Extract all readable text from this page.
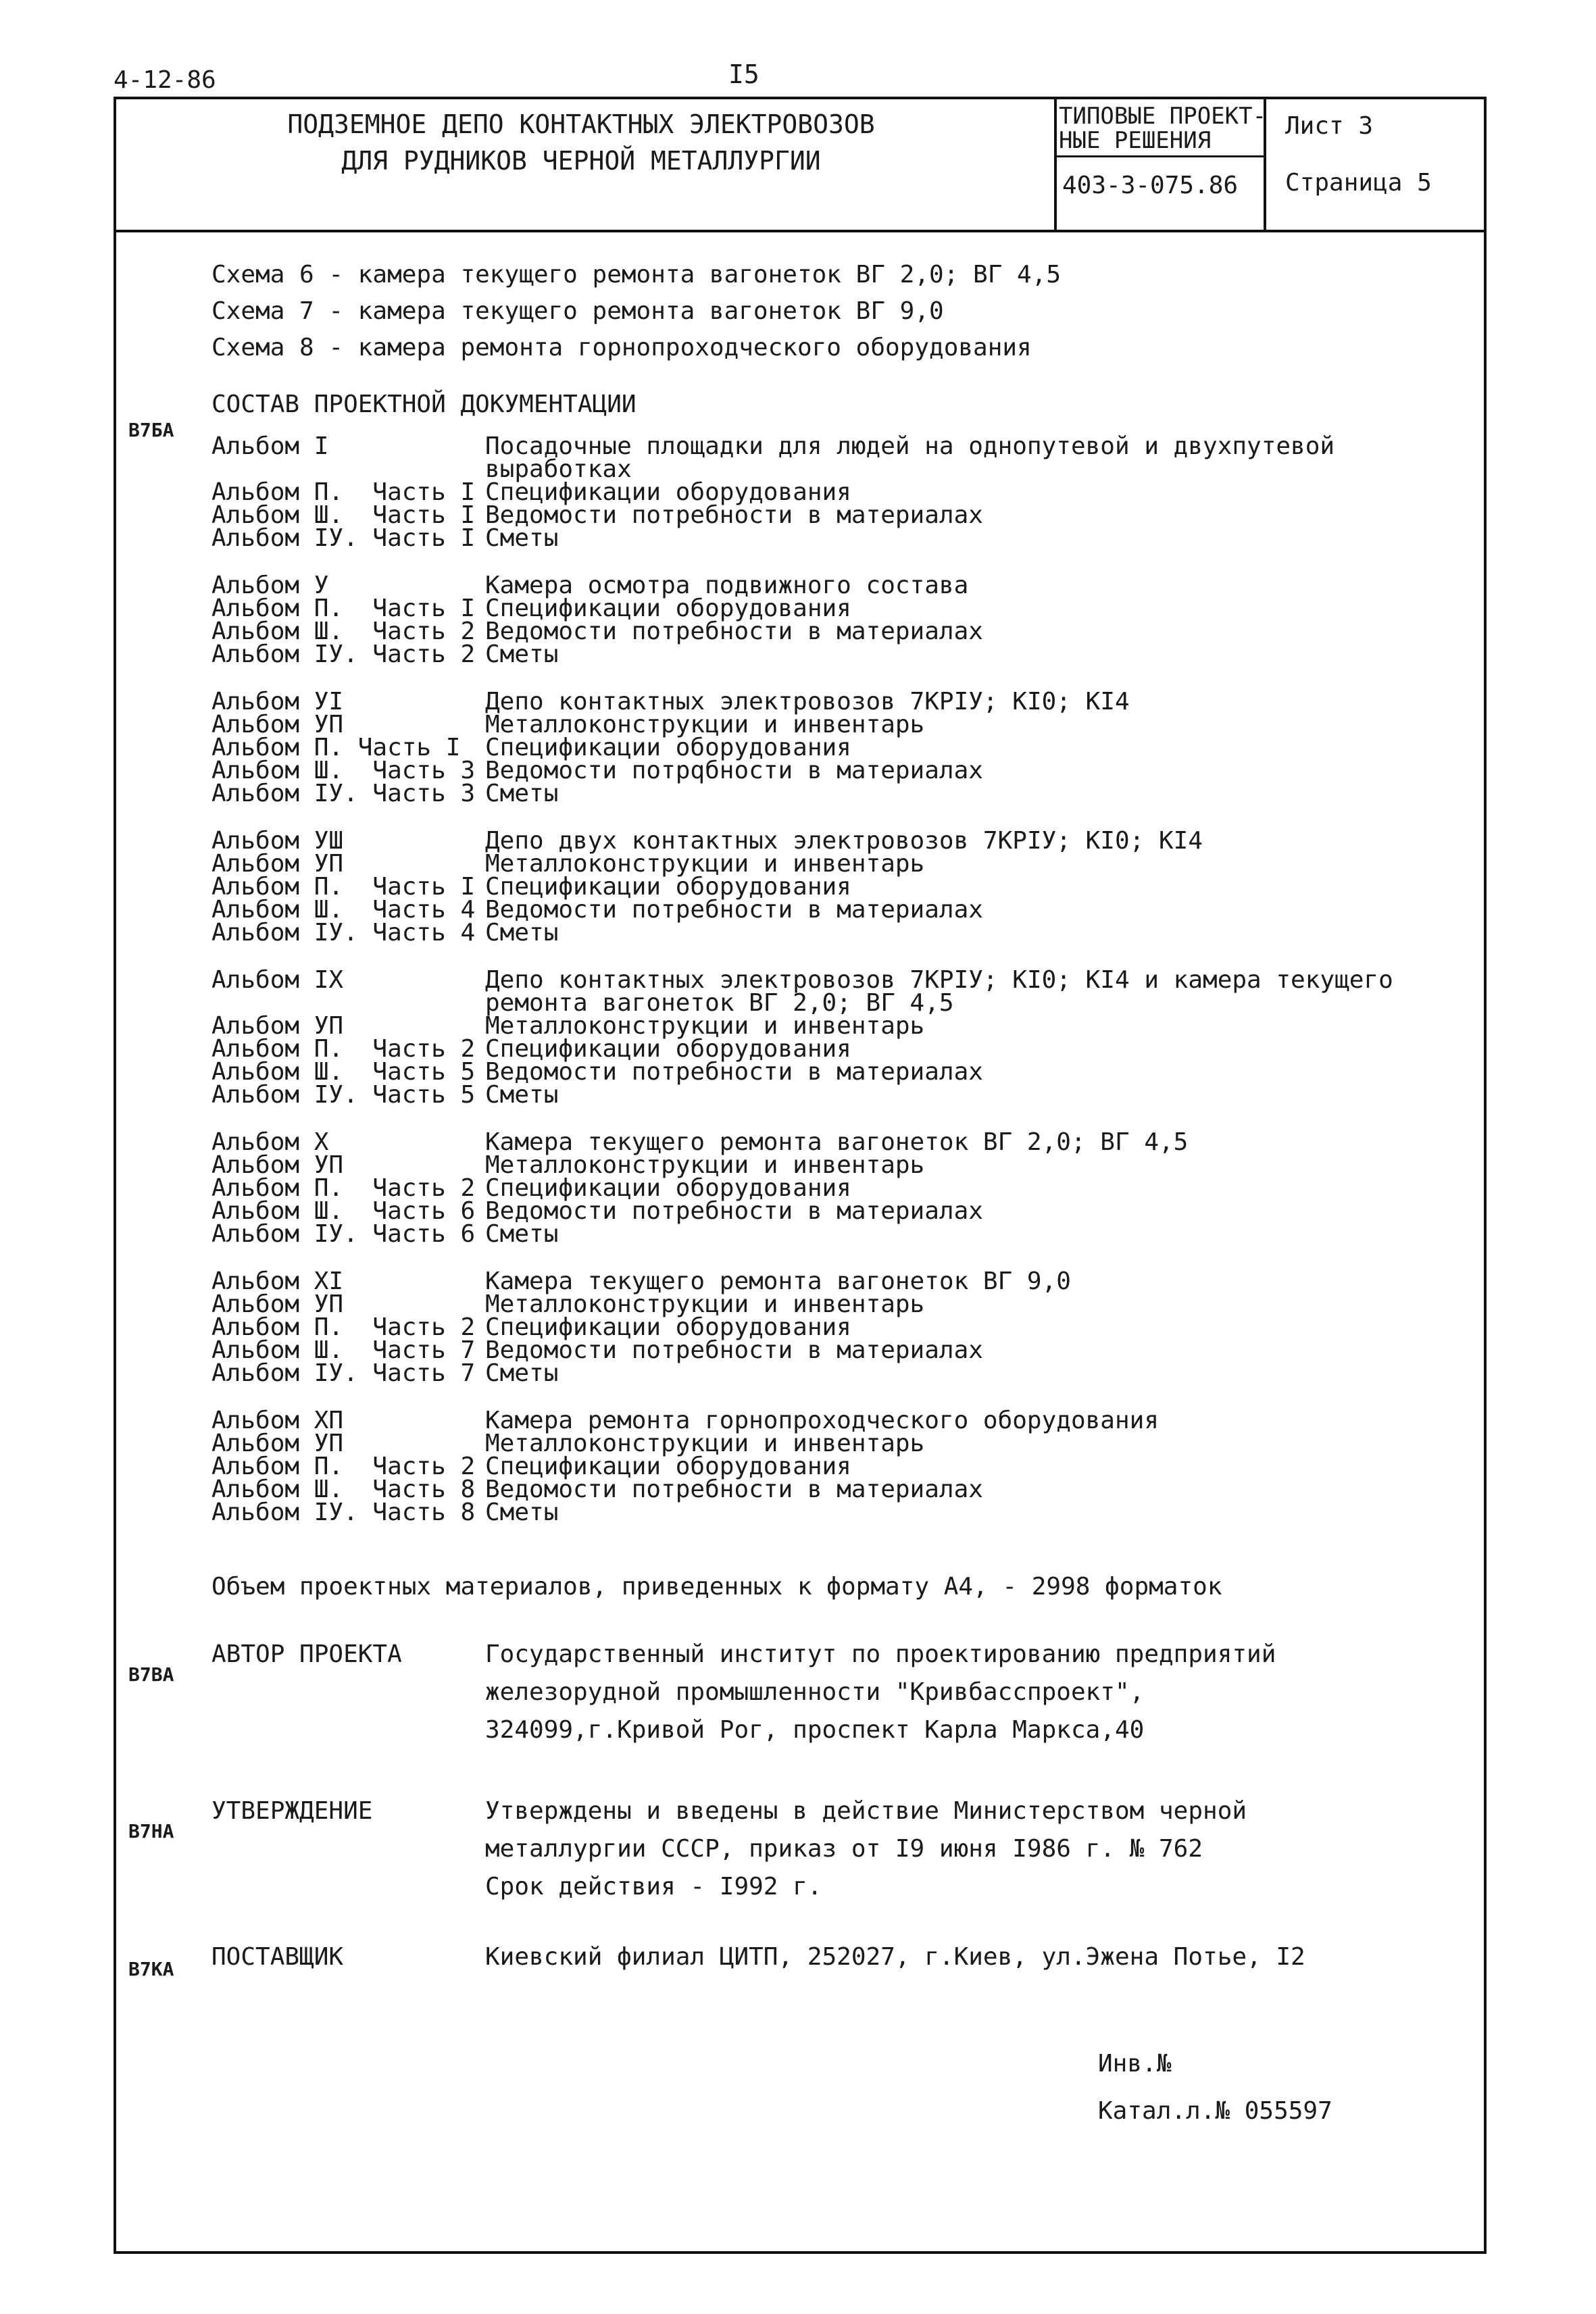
4-12-86	I5
ПОДЗЕМНОЕ ДЕПО КОНТАКТНЫХ ЭЛЕКТРОВОЗОВ
ДЛЯ РУДНИКОВ ЧЕРНОЙ МЕТАЛЛУРГИИ
ТИПОВЫЕ ПРОЕКТ-
НЫЕ РЕШЕНИЯ
403-3-075.86
Лист 3
Страница 5
Схема 6 - камера текущего ремонта вагонеток ВГ 2,0; ВГ 4,5
Схема 7 - камера текущего ремонта вагонеток ВГ 9,0
Схема 8 - камера ремонта горнопроходческого оборудования
В7БА
СОСТАВ ПРОЕКТНОЙ ДОКУМЕНТАЦИИ
Альбом I	Посадочные площадки для людей на однопутевой и двухпутевой
выработках
Альбом П.  Часть I Спецификации оборудования
Альбом Ш.  Часть I Ведомости потребности в материалах
Альбом IУ. Часть I Сметы
Альбом У	Камера осмотра подвижного состава
Альбом П.  Часть I Спецификации оборудования
Альбом Ш.  Часть 2 Ведомости потребности в материалах
Альбом IУ. Часть 2 Сметы
Альбом УI	Депо контактных электровозов 7КРIУ; КI0; КI4
Альбом УП	Металлоконструкции и инвентарь
Альбом П. Часть I Спецификации оборудования
Альбом Ш.  Часть 3 Ведомости потрqбности в материалах
Альбом IУ. Часть 3 Сметы
Альбом УШ	Депо двух контактных электровозов 7КРIУ; КI0; КI4
Альбом УП	Металлоконструкции и инвентарь
Альбом П.  Часть I Спецификации оборудования
Альбом Ш.  Часть 4 Ведомости потребности в материалах
Альбом IУ. Часть 4 Сметы
Альбом IX	Депо контактных электровозов 7КРIУ; КI0; КI4 и камера текущего
ремонта вагонеток ВГ 2,0; ВГ 4,5
Альбом УП	Металлоконструкции и инвентарь
Альбом П.  Часть 2 Спецификации оборудования
Альбом Ш.  Часть 5 Ведомости потребности в материалах
Альбом IУ. Часть 5 Сметы
Альбом X	Камера текущего ремонта вагонеток ВГ 2,0; ВГ 4,5
Альбом УП	Металлоконструкции и инвентарь
Альбом П.  Часть 2 Спецификации оборудования
Альбом Ш.  Часть 6 Ведомости потребности в материалах
Альбом IУ. Часть 6 Сметы
Альбом XI	Камера текущего ремонта вагонеток ВГ 9,0
Альбом УП	Металлоконструкции и инвентарь
Альбом П.  Часть 2 Спецификации оборудования
Альбом Ш.  Часть 7 Ведомости потребности в материалах
Альбом IУ. Часть 7 Сметы
Альбом XП	Камера ремонта горнопроходческого оборудования
Альбом УП	Металлоконструкции и инвентарь
Альбом П.  Часть 2 Спецификации оборудования
Альбом Ш.  Часть 8 Ведомости потребности в материалах
Альбом IУ. Часть 8 Сметы
Объем проектных материалов, приведенных к формату А4, - 2998 форматок
В7ВА
АВТОР ПРОЕКТА	Государственный институт по проектированию предприятий
железорудной промышленности "Кривбасспроект",
324099,г.Кривой Рог, проспект Карла Маркса,40
В7НА
УТВЕРЖДЕНИЕ	Утверждены и введены в действие Министерством черной
металлургии СССР, приказ от I9 июня I986 г. № 762
Срок действия - I992 г.
В7КА ПОСТАВЩИК	Киевский филиал ЦИТП, 252027, г.Киев, ул.Эжена Потье, I2
Инв.№
Катал.л.№ 055597
